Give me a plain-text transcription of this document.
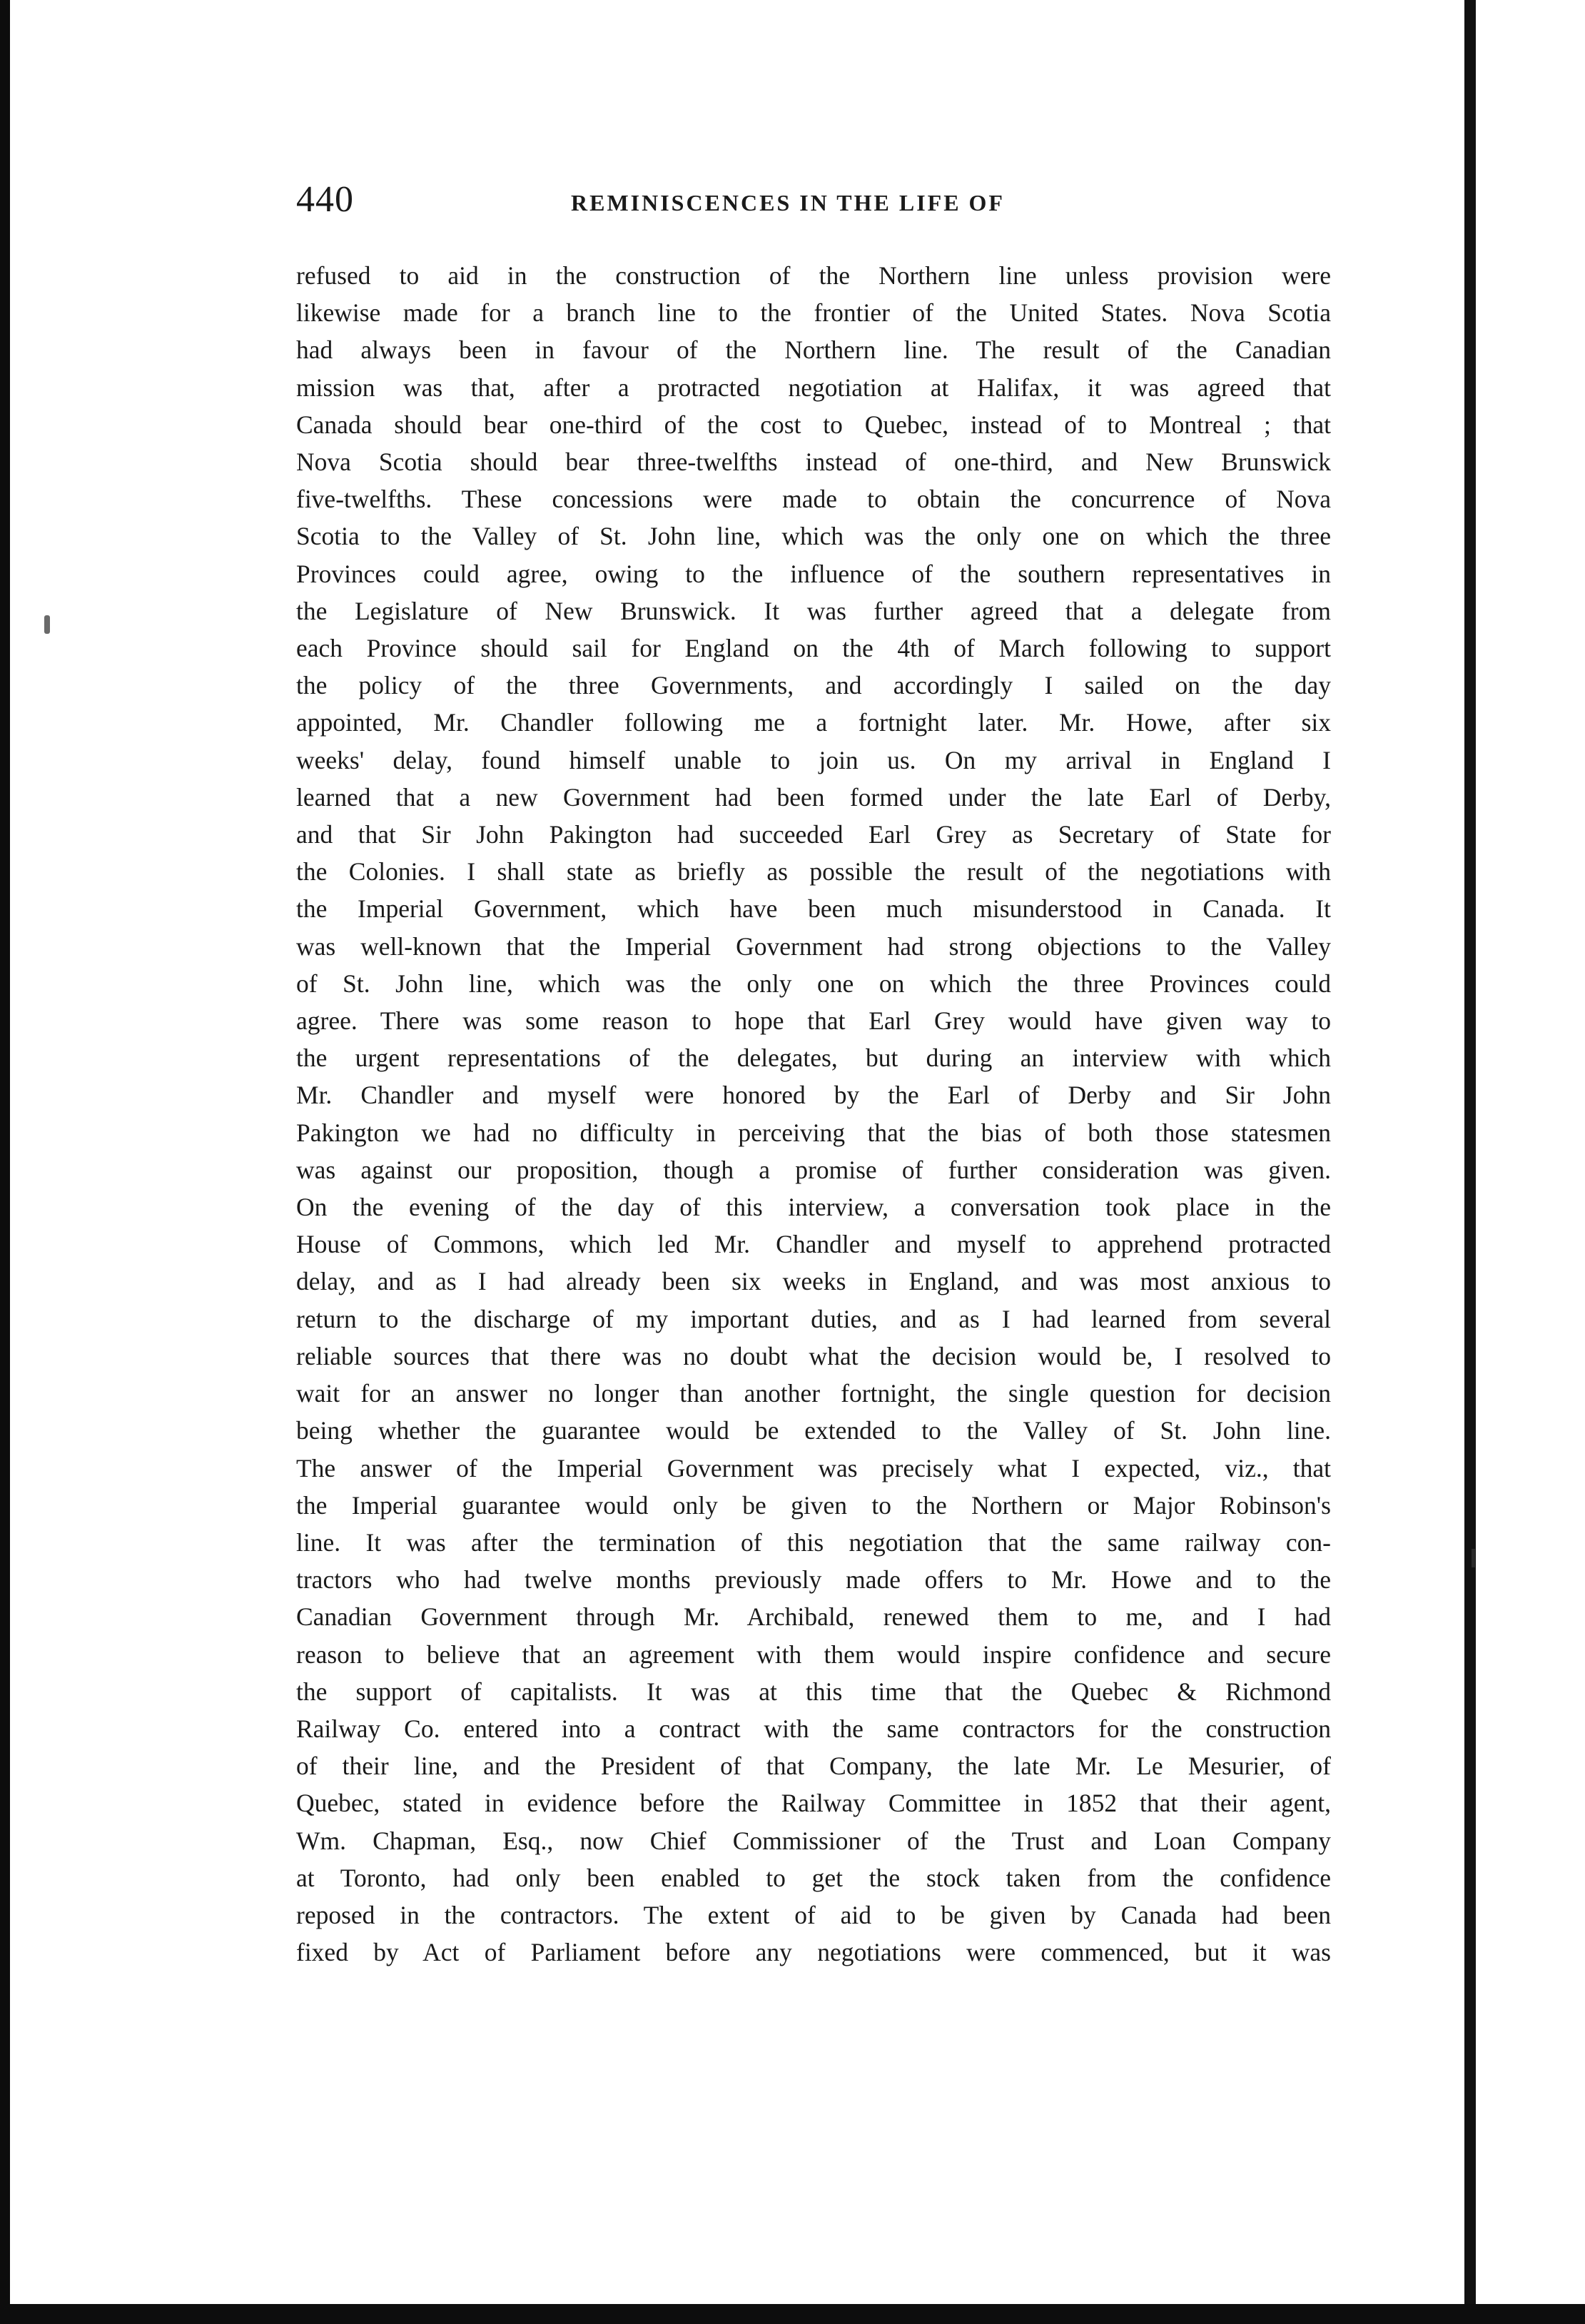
440	REMINISCENCES IN THE LIFE OF
refused to aid in the construction of the Northern line unless provision were
likewise made for a branch line to the frontier of the United States. Nova Scotia
had always been in favour of the Northern line. The result of the Canadian
mission was that, after a protracted negotiation at Halifax, it was agreed that
Canada should bear one-third of the cost to Quebec, instead of to Montreal ; that
Nova Scotia should bear three-twelfths instead of one-third, and New Brunswick
five-twelfths. These concessions were made to obtain the concurrence of Nova
Scotia to the Valley of St. John line, which was the only one on which the three
Provinces could agree, owing to the influence of the southern representatives in
the Legislature of New Brunswick. It was further agreed that a delegate from
each Province should sail for England on the 4th of March following to support
the policy of the three Governments, and accordingly I sailed on the day
appointed, Mr. Chandler following me a fortnight later. Mr. Howe, after six
weeks' delay, found himself unable to join us. On my arrival in England I
learned that a new Government had been formed under the late Earl of Derby,
and that Sir John Pakington had succeeded Earl Grey as Secretary of State for
the Colonies. I shall state as briefly as possible the result of the negotiations with
the Imperial Government, which have been much misunderstood in Canada. It
was well-known that the Imperial Government had strong objections to the Valley
of St. John line, which was the only one on which the three Provinces could
agree. There was some reason to hope that Earl Grey would have given way to
the urgent representations of the delegates, but during an interview with which
Mr. Chandler and myself were honored by the Earl of Derby and Sir John
Pakington we had no difficulty in perceiving that the bias of both those statesmen
was against our proposition, though a promise of further consideration was given.
On the evening of the day of this interview, a conversation took place in the
House of Commons, which led Mr. Chandler and myself to apprehend protracted
delay, and as I had already been six weeks in England, and was most anxious to
return to the discharge of my important duties, and as I had learned from several
reliable sources that there was no doubt what the decision would be, I resolved to
wait for an answer no longer than another fortnight, the single question for decision
being whether the guarantee would be extended to the Valley of St. John line.
The answer of the Imperial Government was precisely what I expected, viz., that
the Imperial guarantee would only be given to the Northern or Major Robinson's
line. It was after the termination of this negotiation that the same railway con-
tractors who had twelve months previously made offers to Mr. Howe and to the
Canadian Government through Mr. Archibald, renewed them to me, and I had
reason to believe that an agreement with them would inspire confidence and secure
the support of capitalists. It was at this time that the Quebec & Richmond
Railway Co. entered into a contract with the same contractors for the construction
of their line, and the President of that Company, the late Mr. Le Mesurier, of
Quebec, stated in evidence before the Railway Committee in 1852 that their agent,
Wm. Chapman, Esq., now Chief Commissioner of the Trust and Loan Company
at Toronto, had only been enabled to get the stock taken from the confidence
reposed in the contractors. The extent of aid to be given by Canada had been
fixed by Act of Parliament before any negotiations were commenced, but it was
